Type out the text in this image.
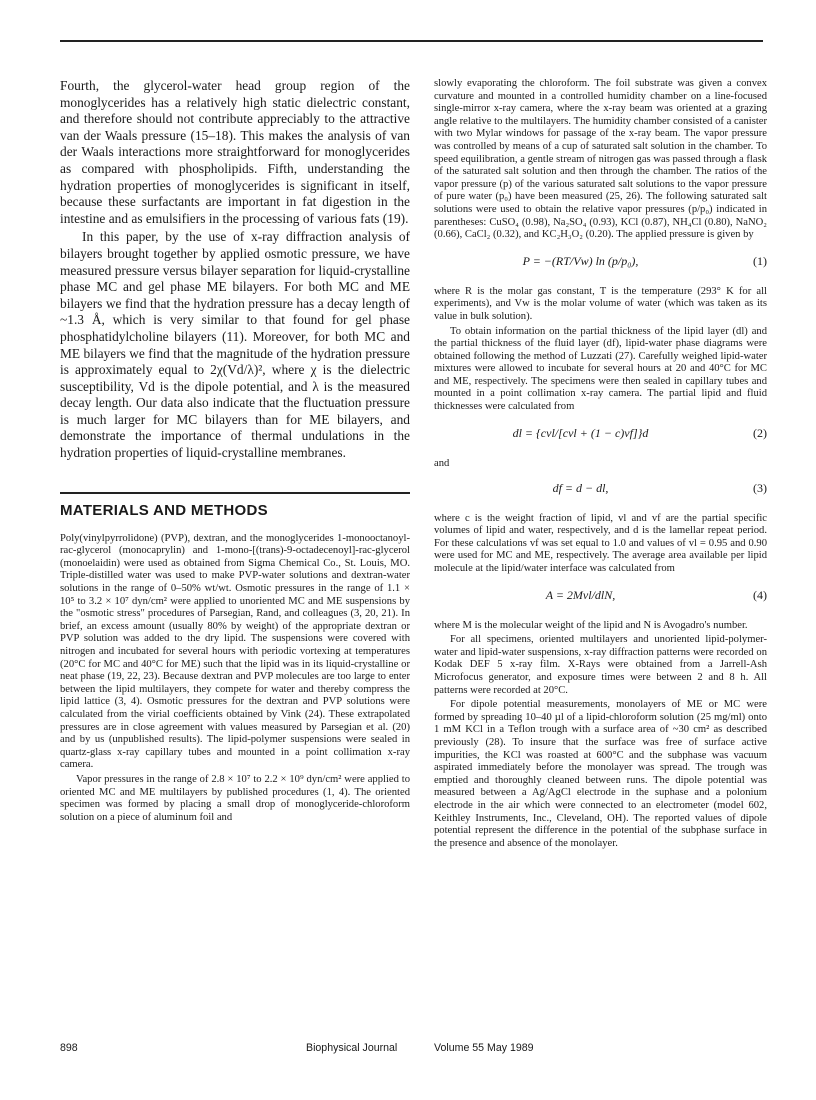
Fourth, the glycerol-water head group region of the monoglycerides has a relatively high static dielectric constant, and therefore should not contribute appreciably to the attractive van der Waals pressure (15–18). This makes the analysis of van der Waals interactions more straightforward for monoglycerides as compared with phospholipids. Fifth, understanding the hydration properties of monoglycerides is significant in itself, because these surfactants are important in fat digestion in the intestine and as emulsifiers in the processing of various fats (19).

In this paper, by the use of x-ray diffraction analysis of bilayers brought together by applied osmotic pressure, we have measured pressure versus bilayer separation for liquid-crystalline phase MC and gel phase ME bilayers. For both MC and ME bilayers we find that the hydration pressure has a decay length of ~1.3 Å, which is very similar to that found for gel phase phosphatidylcholine bilayers (11). Moreover, for both MC and ME bilayers we find that the magnitude of the hydration pressure is approximately equal to 2χ(Vd/λ)², where χ is the dielectric susceptibility, Vd is the dipole potential, and λ is the measured decay length. Our data also indicate that the fluctuation pressure is much larger for MC bilayers than for ME bilayers, and demonstrate the importance of thermal undulations in the hydration properties of liquid-crystalline membranes.

MATERIALS AND METHODS

Poly(vinylpyrrolidone) (PVP), dextran, and the monoglycerides 1-monooctanoyl-rac-glycerol (monocaprylin) and 1-mono-[(trans)-9-octadecenoyl]-rac-glycerol (monoelaidin) were used as obtained from Sigma Chemical Co., St. Louis, MO. Triple-distilled water was used to make PVP-water solutions and dextran-water solutions in the range of 0–50% wt/wt. Osmotic pressures in the range of 1.1 × 10⁵ to 3.2 × 10⁷ dyn/cm² were applied to unoriented MC and ME suspensions by the "osmotic stress" procedures of Parsegian, Rand, and colleagues (3, 20, 21). In brief, an excess amount (usually 80% by weight) of the appropriate dextran or PVP solution was added to the dry lipid. The suspensions were covered with nitrogen and incubated for several hours with periodic vortexing at temperatures (20°C for MC and 40°C for ME) such that the lipid was in its liquid-crystalline or neat phase (19, 22, 23). Because dextran and PVP molecules are too large to enter between the lipid multilayers, they compete for water and thereby compress the lipid lattice (3, 4). Osmotic pressures for the dextran and PVP solutions were calculated from the virial coefficients obtained by Vink (24). These extrapolated pressures are in close agreement with values measured by Parsegian et al. (20) and by us (unpublished results). The lipid-polymer suspensions were sealed in quartz-glass x-ray capillary tubes and mounted in a point collimation x-ray camera.

Vapor pressures in the range of 2.8 × 10⁷ to 2.2 × 10⁹ dyn/cm² were applied to oriented MC and ME multilayers by published procedures (1, 4). The oriented specimen was formed by placing a small drop of monoglyceride-chloroform solution on a piece of aluminum foil and

slowly evaporating the chloroform. The foil substrate was given a convex curvature and mounted in a controlled humidity chamber on a line-focused single-mirror x-ray camera, where the x-ray beam was oriented at a grazing angle relative to the multilayers. The humidity chamber consisted of a canister with two Mylar windows for passage of the x-ray beam. The vapor pressure was controlled by means of a cup of saturated salt solution in the chamber. To speed equilibration, a gentle stream of nitrogen gas was passed through a flask of the saturated salt solution and then through the chamber. The ratios of the vapor pressure (p) of the various saturated salt solutions to the vapor pressure of pure water (p₀) have been measured (25, 26). The following saturated salt solutions were used to obtain the relative vapor pressures (p/p₀) indicated in parentheses: CuSO₄ (0.98), Na₂SO₄ (0.93), KCl (0.87), NH₄Cl (0.80), NaNO₂ (0.66), CaCl₂ (0.32), and KC₂H₃O₂ (0.20). The applied pressure is given by

P = −(RT/Vw) ln (p/p₀),	(1)

where R is the molar gas constant, T is the temperature (293° K for all experiments), and Vw is the molar volume of water (which was taken as its value in bulk solution).

To obtain information on the partial thickness of the lipid layer (dl) and the partial thickness of the fluid layer (df), lipid-water phase diagrams were obtained following the method of Luzzati (27). Carefully weighed lipid-water mixtures were allowed to incubate for several hours at 20 and 40°C for MC and ME, respectively. The specimens were then sealed in capillary tubes and mounted in a point collimation x-ray camera. The partial lipid and fluid thicknesses were calculated from

dl = {cvl/[cvl + (1 − c)vf]}d	(2)
and
df = d − dl,	(3)

where c is the weight fraction of lipid, vl and vf are the partial specific volumes of lipid and water, respectively, and d is the lamellar repeat period. For these calculations vf was set equal to 1.0 and values of vl = 0.95 and 0.90 were used for MC and ME, respectively. The average area available per lipid molecule at the lipid/water interface was calculated from

A = 2Mvl/dlN,	(4)

where M is the molecular weight of the lipid and N is Avogadro's number.

For all specimens, oriented multilayers and unoriented lipid-polymer-water and lipid-water suspensions, x-ray diffraction patterns were recorded on Kodak DEF 5 x-ray film. X-Rays were obtained from a Jarrell-Ash Microfocus generator, and exposure times were between 2 and 8 h. All patterns were recorded at 20°C.

For dipole potential measurements, monolayers of ME or MC were formed by spreading 10–40 µl of a lipid-chloroform solution (25 mg/ml) onto 1 mM KCl in a Teflon trough with a surface area of ~30 cm² as described previously (28). To insure that the surface was free of surface active impurities, the KCl was roasted at 600°C and the subphase was vacuum aspirated immediately before the monolayer was spread. The trough was emptied and thoroughly cleaned between runs. The dipole potential was measured between a Ag/AgCl electrode in the suphase and a polonium electrode in the air which were connected to an electrometer (model 602, Keithley Instruments, Inc., Cleveland, OH). The reported values of dipole potential represent the difference in the potential of the subphase surface in the presence and absence of the monolayer.

898	Biophysical Journal	Volume 55 May 1989
